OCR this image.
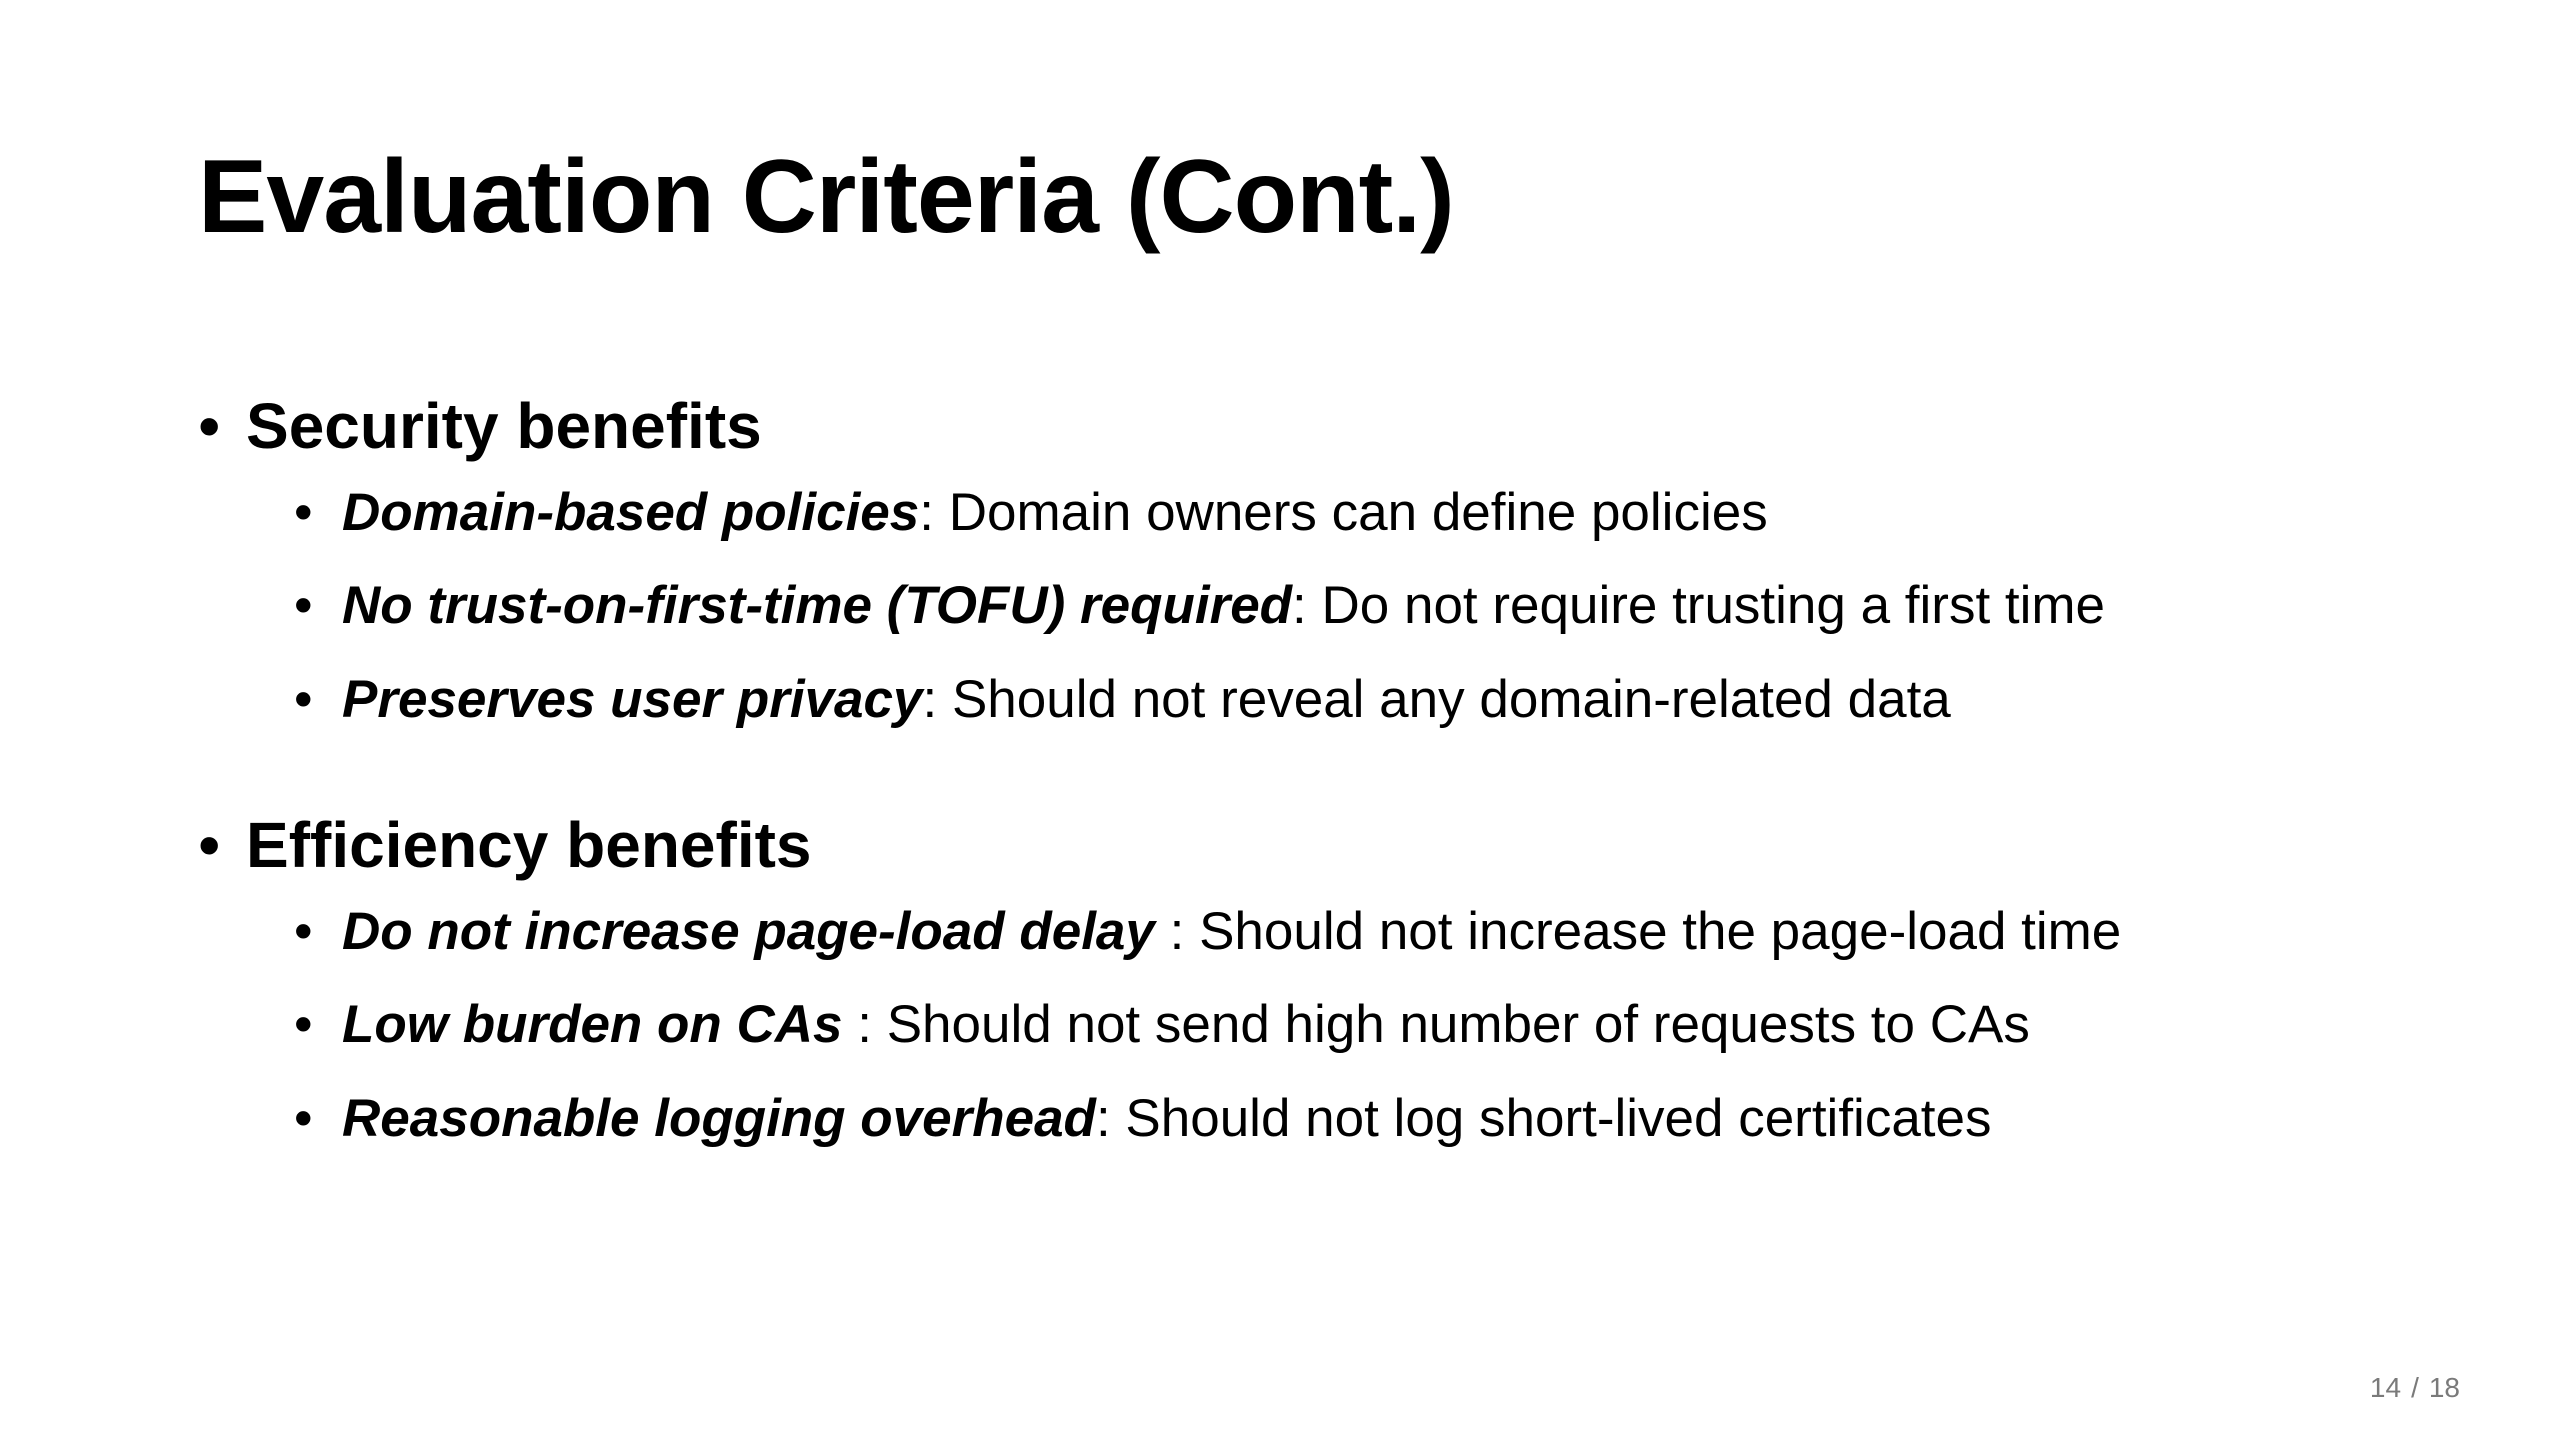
Evaluation Criteria (Cont.)
• Security benefits
• Domain-based policies: Domain owners can define policies
• No trust-on-first-time (TOFU) required: Do not require trusting a first time
• Preserves user privacy: Should not reveal any domain-related data
• Efficiency benefits
• Do not increase page-load delay : Should not increase the page-load time
• Low burden on CAs : Should not send high number of requests to CAs
• Reasonable logging overhead: Should not log short-lived certificates
14 / 18
